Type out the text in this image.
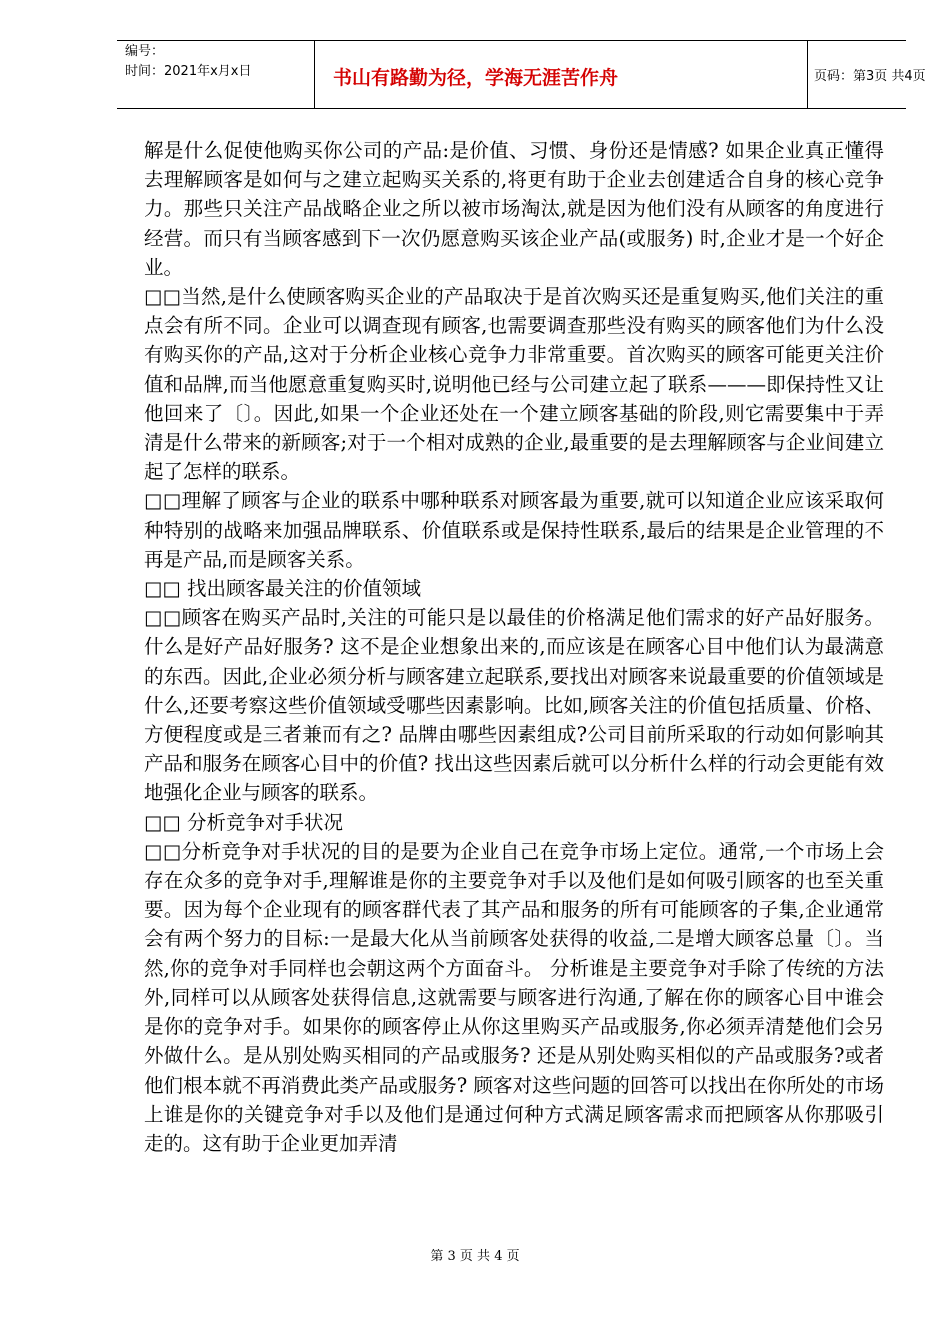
编号：
时间：2021年x月x日	书山有路勤为径，学海无涯苦作舟	页码：第3页 共4页

解是什么促使他购买你公司的产品:是价值、习惯、身份还是情感? 如果企业真正懂得去理解顾客是如何与之建立起购买关系的,将更有助于企业去创建适合自身的核心竞争力。那些只关注产品战略企业之所以被市场淘汰,就是因为他们没有从顾客的角度进行经营。而只有当顾客感到下一次仍愿意购买该企业产品(或服务) 时,企业才是一个好企业。

□□当然,是什么使顾客购买企业的产品取决于是首次购买还是重复购买,他们关注的重点会有所不同。企业可以调查现有顾客,也需要调查那些没有购买的顾客他们为什么没有购买你的产品,这对于分析企业核心竞争力非常重要。首次购买的顾客可能更关注价值和品牌,而当他愿意重复购买时,说明他已经与公司建立起了联系———即保持性又让他回来了〔〕。因此,如果一个企业还处在一个建立顾客基础的阶段,则它需要集中于弄清是什么带来的新顾客;对于一个相对成熟的企业,最重要的是去理解顾客与企业间建立起了怎样的联系。

□□理解了顾客与企业的联系中哪种联系对顾客最为重要,就可以知道企业应该采取何种特别的战略来加强品牌联系、价值联系或是保持性联系,最后的结果是企业管理的不再是产品,而是顾客关系。

□□ 找出顾客最关注的价值领域

□□顾客在购买产品时,关注的可能只是以最佳的价格满足他们需求的好产品好服务。什么是好产品好服务? 这不是企业想象出来的,而应该是在顾客心目中他们认为最满意的东西。因此,企业必须分析与顾客建立起联系,要找出对顾客来说最重要的价值领域是什么,还要考察这些价值领域受哪些因素影响。比如,顾客关注的价值包括质量、价格、方便程度或是三者兼而有之? 品牌由哪些因素组成?公司目前所采取的行动如何影响其产品和服务在顾客心目中的价值? 找出这些因素后就可以分析什么样的行动会更能有效地强化企业与顾客的联系。

□□ 分析竞争对手状况

□□分析竞争对手状况的目的是要为企业自己在竞争市场上定位。通常,一个市场上会存在众多的竞争对手,理解谁是你的主要竞争对手以及他们是如何吸引顾客的也至关重要。因为每个企业现有的顾客群代表了其产品和服务的所有可能顾客的子集,企业通常会有两个努力的目标:一是最大化从当前顾客处获得的收益,二是增大顾客总量〔〕。当然,你的竞争对手同样也会朝这两个方面奋斗。 分析谁是主要竞争对手除了传统的方法外,同样可以从顾客处获得信息,这就需要与顾客进行沟通,了解在你的顾客心目中谁会是你的竞争对手。如果你的顾客停止从你这里购买产品或服务,你必须弄清楚他们会另外做什么。是从别处购买相同的产品或服务? 还是从别处购买相似的产品或服务?或者他们根本就不再消费此类产品或服务? 顾客对这些问题的回答可以找出在你所处的市场上谁是你的关键竞争对手以及他们是通过何种方式满足顾客需求而把顾客从你那吸引走的。这有助于企业更加弄清

第 3 页 共 4 页
